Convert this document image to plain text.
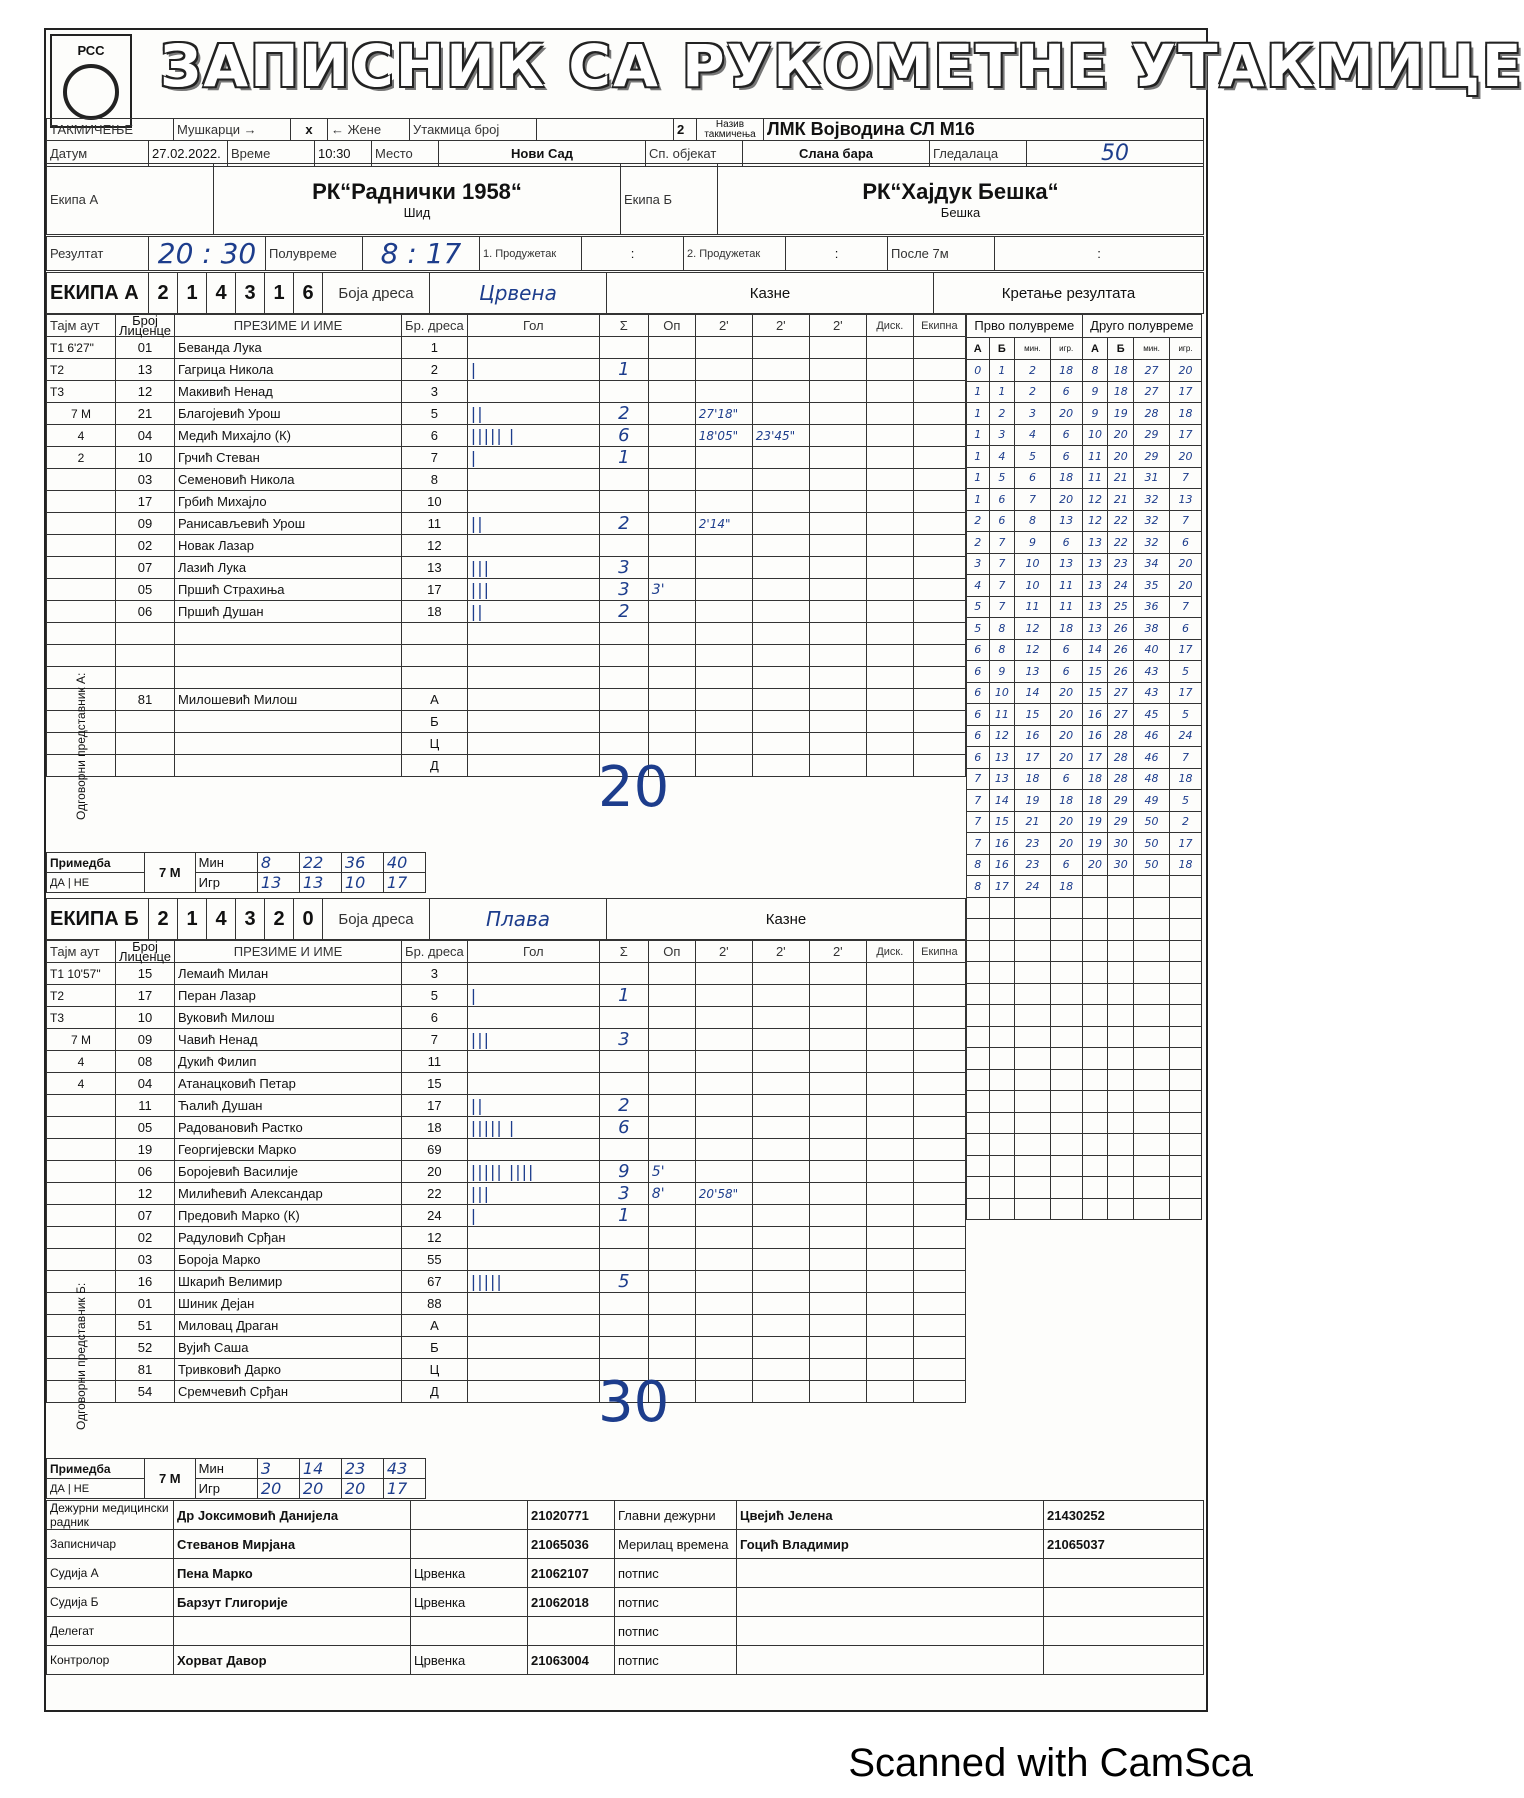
РСС ЗАПИСНИК СА РУКОМЕТНЕ УТАКМИЦЕ
ТАКМИЧЕЊЕ	Мушкарци →	x	← Жене	Утакмица број		2	Назив такмичења	ЛМК Војводина СЛ М16
Датум	27.02.2022.	Време	10:30	Место	Нови Сад	Сп. објекат	Слана бара	Гледалаца	50
Екипа А	РК“Раднички 1958“
Шид
	Екипа Б	РК“Хајдук Бешка“
Бешка
Резултат	20 : 30	Полувреме	8 : 17	1. Продужетак	:	2. Продужетак	:	После 7м	:
ЕКИПА А	2	1	4	3	1	6	Боја дреса	Црвена	Казне	Кретање резултата
Тајм аут	Број Лиценце	ПРЕЗИМЕ И ИМЕ	Бр. дреса	Гол	Σ	Оп	2'	2'	2'	Диск.	Екипна
T1 6'27"	01	Беванда Лука	1								
T2	13	Гагрица Никола	2	|	1						
T3	12	Макивић Ненад	3								
7 М	21	Благојевић Урош	5	||	2		27'18"				
4	04	Медић Михајло (К)	6	||||| |	6		18'05"	23'45"			
2	10	Грчић Стеван	7	|	1						
	03	Семеновић Никола	8								
	17	Грбић Михајло	10								
	09	Ранисављевић Урош	11	||	2		2'14"				
	02	Новак Лазар	12								
	07	Лазић Лука	13	|||	3						
	05	Пршић Страхиња	17	|||	3	3'					
	06	Пршић Душан	18	||	2						

	81	Милошевић Милош	А								
			Б								
			Ц								
			Д								
Примедба	7 М	Мин	8	22	36	40
ДА | НЕ		Игр	13	13	10	17
ЕКИПА Б	2	1	4	3	2	0	Боја дреса	Плава	Казне
Тајм аут	Број Лиценце	ПРЕЗИМЕ И ИМЕ	Бр. дреса	Гол	Σ	Оп	2'	2'	2'	Диск.	Екипна
T1 10'57"	15	Лемаић Милан	3								
T2	17	Перан Лазар	5	|	1						
T3	10	Вуковић Милош	6								
7 М	09	Чавић Ненад	7	|||	3						
4	08	Дукић Филип	11								
4	04	Атанацковић Петар	15								
	11	Ћалић Душан	17	||	2						
	05	Радовановић Растко	18	||||| |	6						
	19	Георгијевски Марко	69								
	06	Боројевић Василије	20	||||| ||||	9	5'					
	12	Милићевић Александар	22	|||	3	8'	20'58"				
	07	Предовић Марко (К)	24	|	1						
	02	Радуловић Срђан	12								
	03	Бороја Марко	55								
	16	Шкарић Велимир	67	|||||	5						
	01	Шиник Дејан	88								
	51	Миловац Драган	А								
	52	Вујић Саша	Б								
	81	Тривковић Дарко	Ц								
	54	Сремчевић Срђан	Д								
Примедба	7 М	Мин	3	14	23	43
ДА | НЕ		Игр	20	20	20	17
Прво полувреме				Друго полувреме			
А	Б	мин.	игр.	А	Б	мин.	игр.
0	1	2	18	8	18	27	20
1	1	2	6	9	18	27	17
1	2	3	20	9	19	28	18
1	3	4	6	10	20	29	17
1	4	5	6	11	20	29	20
1	5	6	18	11	21	31	7
1	6	7	20	12	21	32	13
2	6	8	13	12	22	32	7
2	7	9	6	13	22	32	6
3	7	10	13	13	23	34	20
4	7	10	11	13	24	35	20
5	7	11	11	13	25	36	7
5	8	12	18	13	26	38	6
6	8	12	6	14	26	40	17
6	9	13	6	15	26	43	5
6	10	14	20	15	27	43	17
6	11	15	20	16	27	45	5
6	12	16	20	16	28	46	24
6	13	17	20	17	28	46	7
7	13	18	6	18	28	48	18
7	14	19	18	18	29	49	5
7	15	21	20	19	29	50	2
7	16	23	20	19	30	50	17
8	16	23	6	20	30	50	18
8	17	24	18				

20
30
Одговорни представник А:
Одговорни представник Б:
Дежурни медицински радник	Др Јоксимовић Данијела		21020771	Главни дежурни	Цвејић Јелена	21430252
Записничар	Стеванов Мирјана		21065036	Мерилац времена	Гоцић Владимир	21065037
Судија А	Пена Марко	Црвенка	21062107	потпис		
Судија Б	Барзут Глигорије	Црвенка	21062018	потпис		
Делегат				потпис		
Контролор	Хорват Давор	Црвенка	21063004	потпис		
Scanned with CamSca
